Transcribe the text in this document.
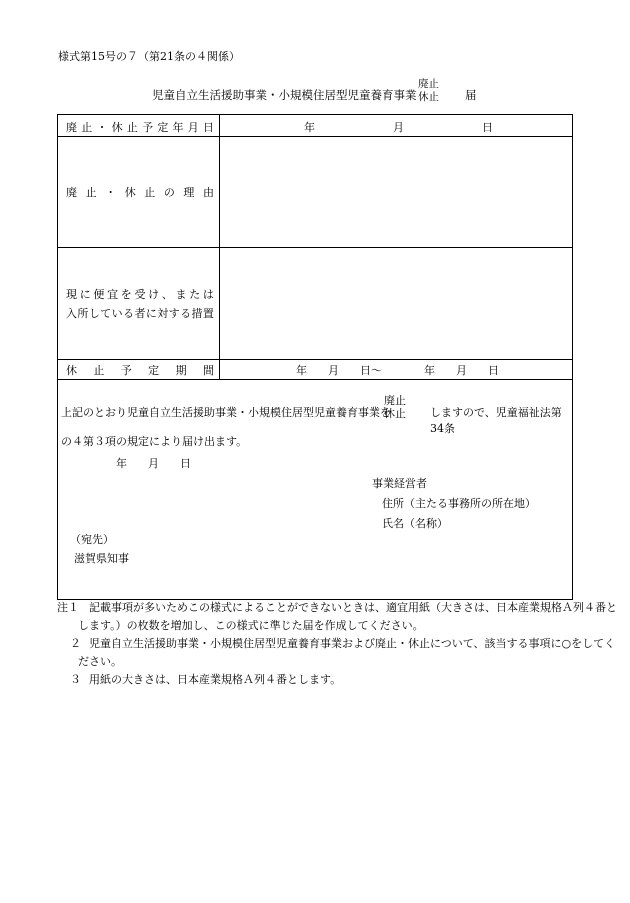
様式第15号の７（第21条の４関係）
児童自立生活援助事業・小規模住居型児童養育事業
廃止
休止 届
廃 止 ・ 休 止 予 定 年 月 日	年	月	日
廃 止 ・ 休 止 の 理 由
現 に 便 宜 を 受 け 、 ま た は
入 所 し て い る 者 に 対 す る 措 置
休 止 予 定 期 間	年 月 日～	年 月 日
上記のとおり児童自立生活援助事業・小規模住居型児童養育事業を
廃止
休止 しますので、児童福祉法第34条
の４第３項の規定により届け出ます。
年 月 日
事業経営者
住所（主たる事務所の所在地）
氏名（名称）
（宛先）
滋賀県知事
注１ 記載事項が多いためこの様式によることができないときは、適宜用紙（大きさは、日本産業規格Ａ列４番と
します。）の枚数を増加し、この様式に準じた届を作成してください。
２ 児童自立生活援助事業・小規模住居型児童養育事業および廃止・休止について、該当する事項に○をしてく
ださい。
３ 用紙の大きさは、日本産業規格Ａ列４番とします。
